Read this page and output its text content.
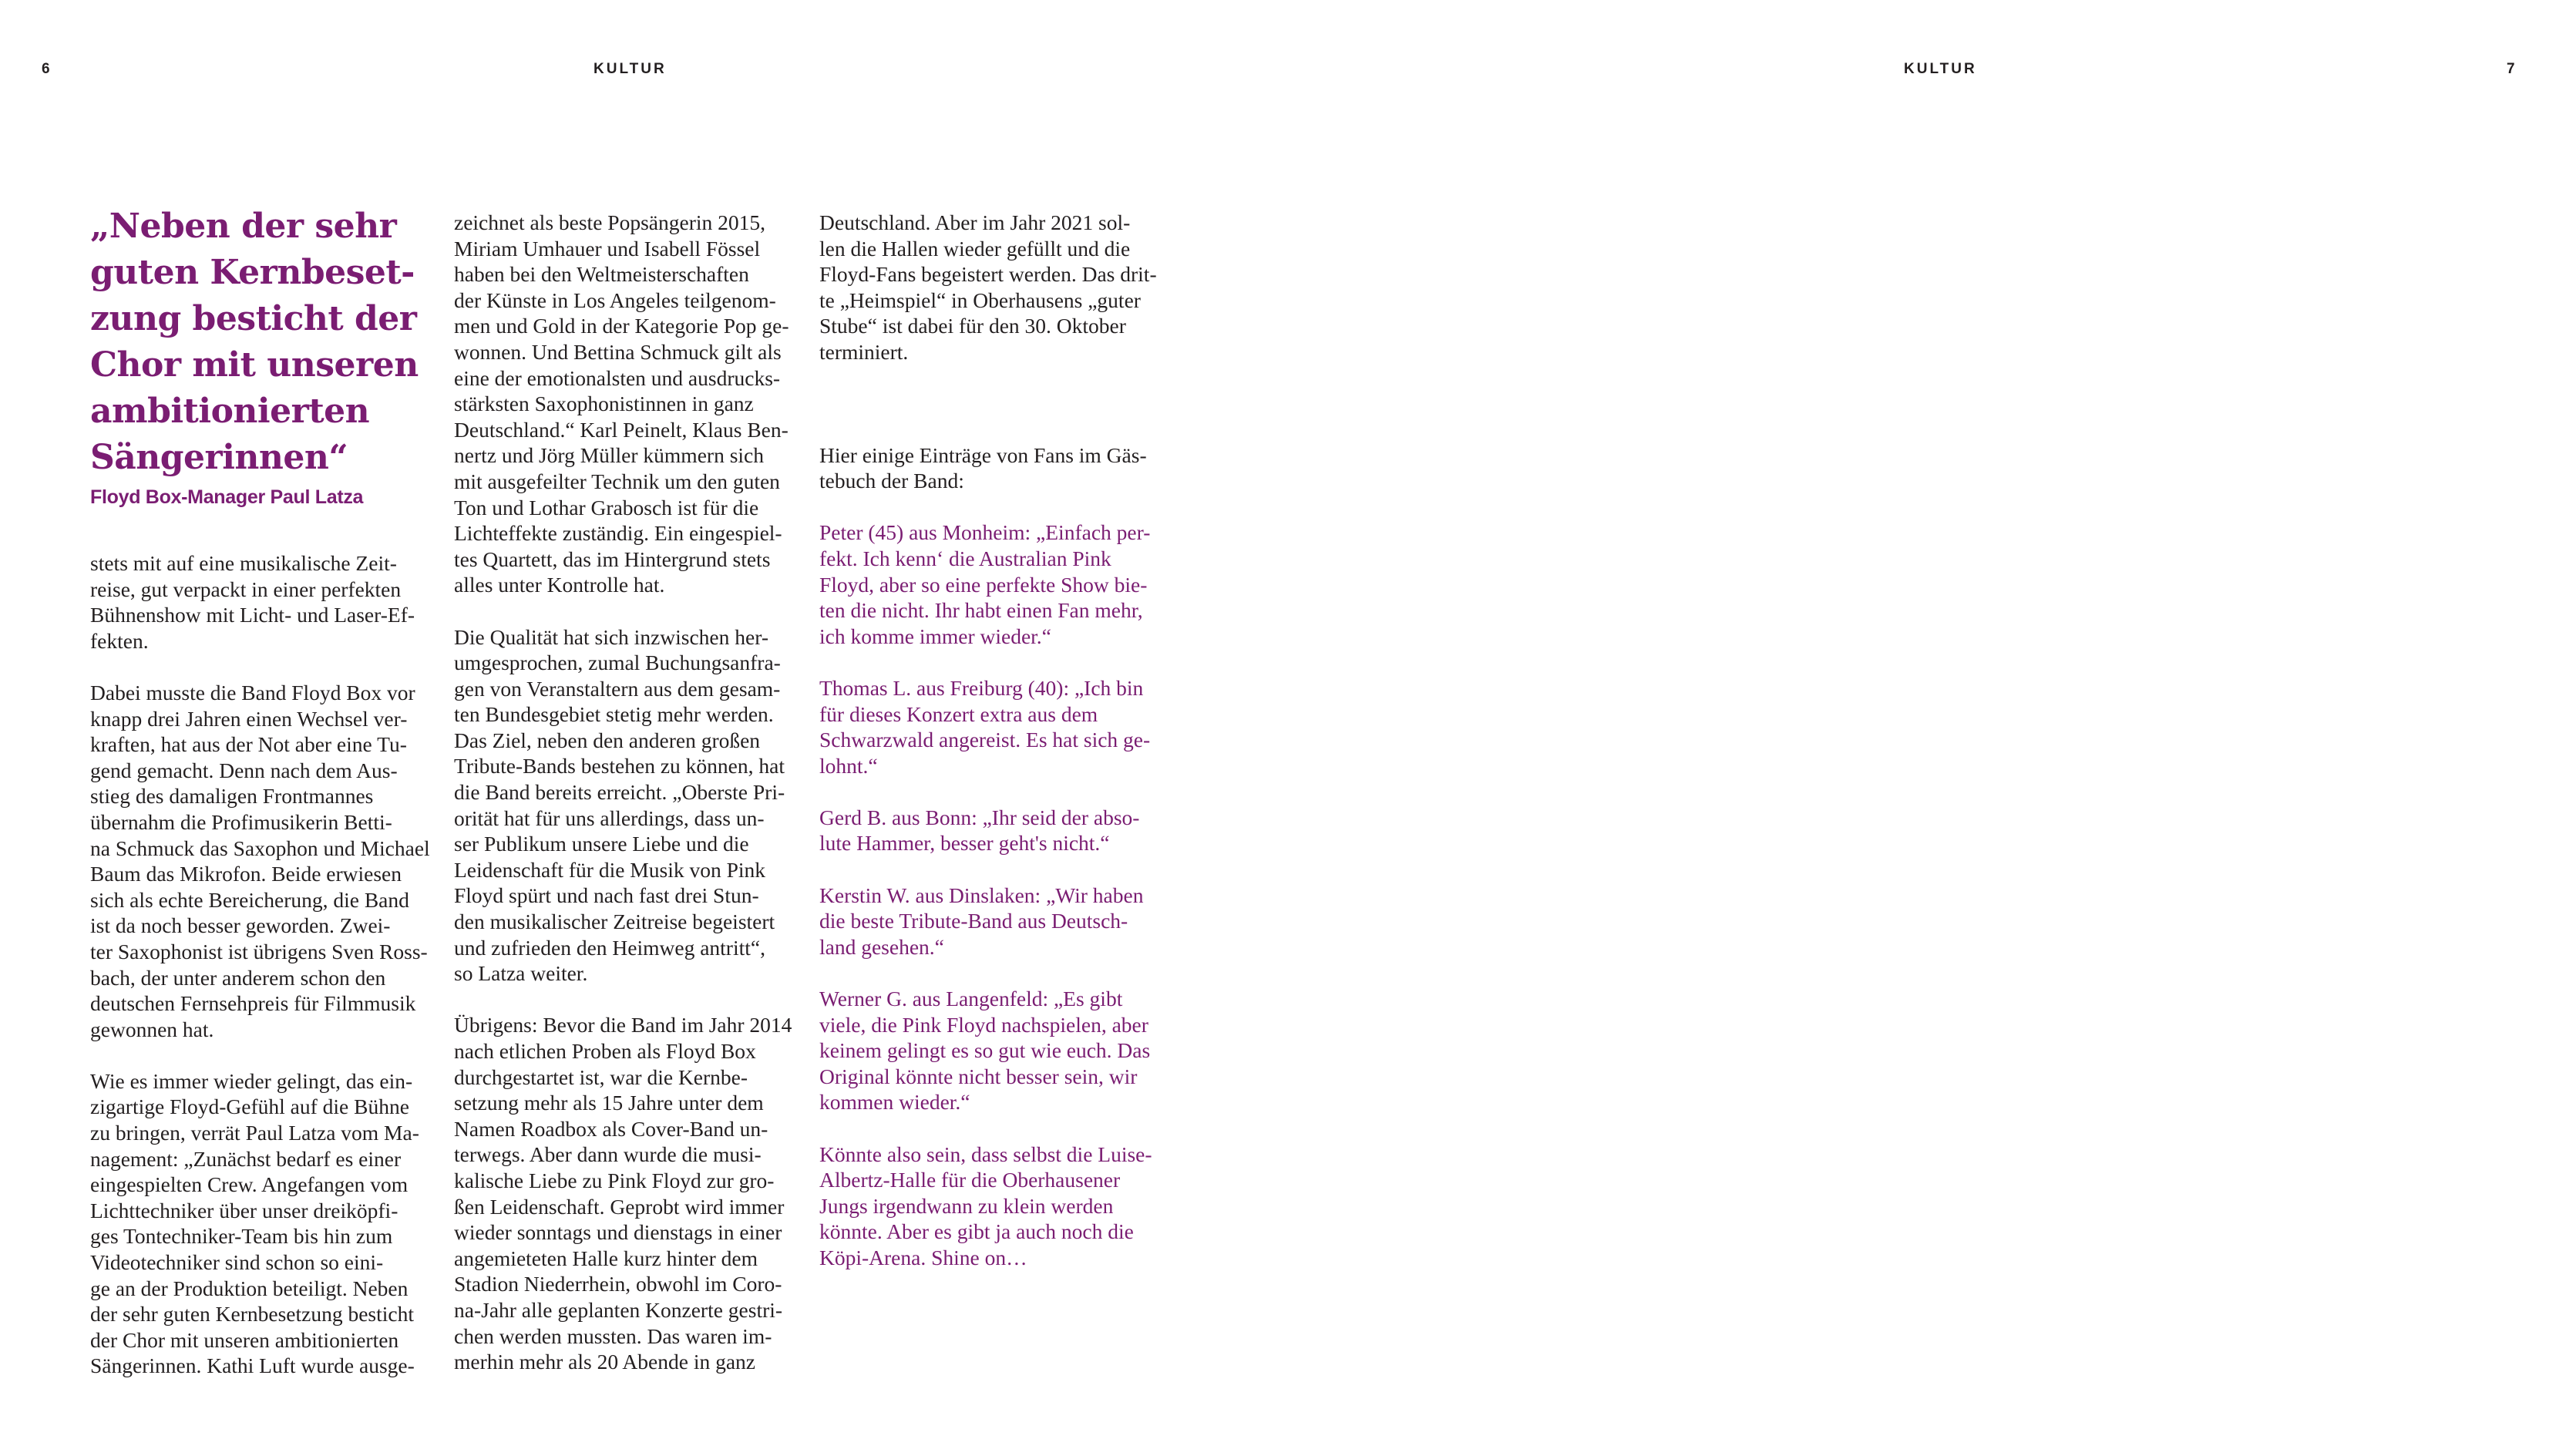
6	KULTUR	KULTUR	7
„Neben der sehr
guten Kernbeset-
zung besticht der
Chor mit unseren
ambitionierten
Sängerinnen“
Floyd Box-Manager Paul Latza

stets mit auf eine musikalische Zeit-
reise, gut verpackt in einer perfekten
Bühnenshow mit Licht- und Laser-Ef-
fekten.

Dabei musste die Band Floyd Box vor
knapp drei Jahren einen Wechsel ver-
kraften, hat aus der Not aber eine Tu-
gend gemacht. Denn nach dem Aus-
stieg des damaligen Frontmannes
übernahm die Profimusikerin Betti-
na Schmuck das Saxophon und Michael
Baum das Mikrofon. Beide erwiesen
sich als echte Bereicherung, die Band
ist da noch besser geworden. Zwei-
ter Saxophonist ist übrigens Sven Ross-
bach, der unter anderem schon den
deutschen Fernsehpreis für Filmmusik
gewonnen hat.

Wie es immer wieder gelingt, das ein-
zigartige Floyd-Gefühl auf die Bühne
zu bringen, verrät Paul Latza vom Ma-
nagement: „Zunächst bedarf es einer
eingespielten Crew. Angefangen vom
Lichttechniker über unser dreiköpfi-
ges Tontechniker-Team bis hin zum
Videotechniker sind schon so eini-
ge an der Produktion beteiligt. Neben
der sehr guten Kernbesetzung besticht
der Chor mit unseren ambitionierten
Sängerinnen. Kathi Luft wurde ausge-

zeichnet als beste Popsängerin 2015,
Miriam Umhauer und Isabell Fössel
haben bei den Weltmeisterschaften
der Künste in Los Angeles teilgenom-
men und Gold in der Kategorie Pop ge-
wonnen. Und Bettina Schmuck gilt als
eine der emotionalsten und ausdrucks-
stärksten Saxophonistinnen in ganz
Deutschland.“ Karl Peinelt, Klaus Ben-
nertz und Jörg Müller kümmern sich
mit ausgefeilter Technik um den guten
Ton und Lothar Grabosch ist für die
Lichteffekte zuständig. Ein eingespiel-
tes Quartett, das im Hintergrund stets
alles unter Kontrolle hat.

Die Qualität hat sich inzwischen her-
umgesprochen, zumal Buchungsanfra-
gen von Veranstaltern aus dem gesam-
ten Bundesgebiet stetig mehr werden.
Das Ziel, neben den anderen großen
Tribute-Bands bestehen zu können, hat
die Band bereits erreicht. „Oberste Pri-
orität hat für uns allerdings, dass un-
ser Publikum unsere Liebe und die
Leidenschaft für die Musik von Pink
Floyd spürt und nach fast drei Stun-
den musikalischer Zeitreise begeistert
und zufrieden den Heimweg antritt“,
so Latza weiter.

Übrigens: Bevor die Band im Jahr 2014
nach etlichen Proben als Floyd Box
durchgestartet ist, war die Kernbe-
setzung mehr als 15 Jahre unter dem
Namen Roadbox als Cover-Band un-
terwegs. Aber dann wurde die musi-
kalische Liebe zu Pink Floyd zur gro-
ßen Leidenschaft. Geprobt wird immer
wieder sonntags und dienstags in einer
angemieteten Halle kurz hinter dem
Stadion Niederrhein, obwohl im Coro-
na-Jahr alle geplanten Konzerte gestri-
chen werden mussten. Das waren im-
merhin mehr als 20 Abende in ganz

Deutschland. Aber im Jahr 2021 sol-
len die Hallen wieder gefüllt und die
Floyd-Fans begeistert werden. Das drit-
te „Heimspiel“ in Oberhausens „guter
Stube“ ist dabei für den 30. Oktober
terminiert.

Hier einige Einträge von Fans im Gäs-
tebuch der Band:

Peter (45) aus Monheim: „Einfach per-
fekt. Ich kenn‘ die Australian Pink
Floyd, aber so eine perfekte Show bie-
ten die nicht. Ihr habt einen Fan mehr,
ich komme immer wieder.“

Thomas L. aus Freiburg (40): „Ich bin
für dieses Konzert extra aus dem
Schwarzwald angereist. Es hat sich ge-
lohnt.“

Gerd B. aus Bonn: „Ihr seid der abso-
lute Hammer, besser geht's nicht.“

Kerstin W. aus Dinslaken: „Wir haben
die beste Tribute-Band aus Deutsch-
land gesehen.“

Werner G. aus Langenfeld: „Es gibt
viele, die Pink Floyd nachspielen, aber
keinem gelingt es so gut wie euch. Das
Original könnte nicht besser sein, wir
kommen wieder.“

Könnte also sein, dass selbst die Luise-
Albertz-Halle für die Oberhausener
Jungs irgendwann zu klein werden
könnte. Aber es gibt ja auch noch die
Köpi-Arena. Shine on…
